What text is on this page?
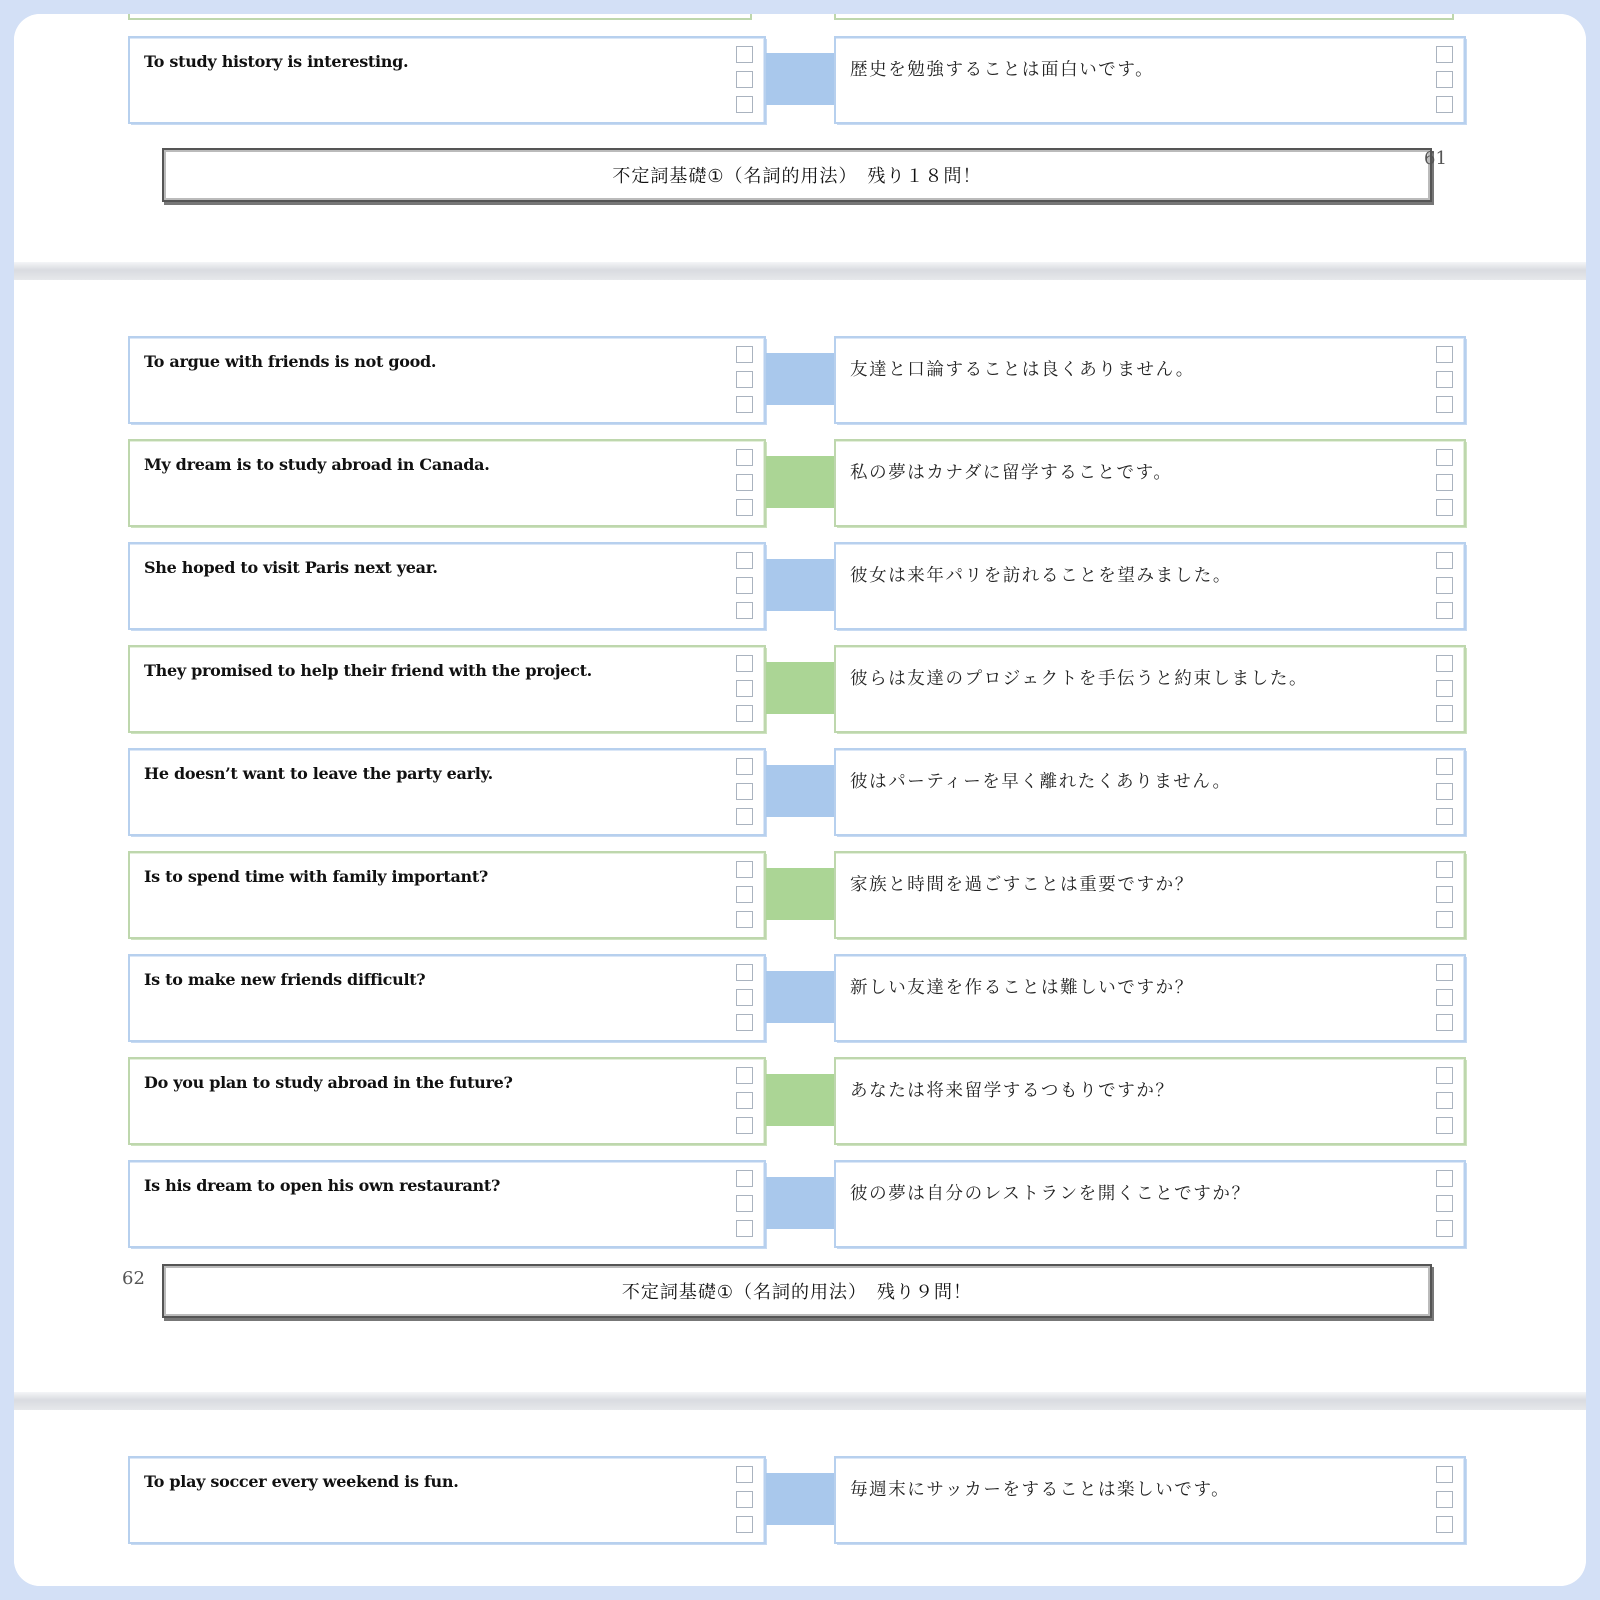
To study history is interesting.	歴史を勉強することは面白いです。
不定詞基礎①（名詞的用法）　残り１８問！
61
To argue with friends is not good.	友達と口論することは良くありません。
My dream is to study abroad in Canada.	私の夢はカナダに留学することです。
She hoped to visit Paris next year.	彼女は来年パリを訪れることを望みました。
They promised to help their friend with the project.	彼らは友達のプロジェクトを手伝うと約束しました。
He doesn’t want to leave the party early.	彼はパーティーを早く離れたくありません。
Is to spend time with family important?	家族と時間を過ごすことは重要ですか？
Is to make new friends difficult?	新しい友達を作ることは難しいですか？
Do you plan to study abroad in the future?	あなたは将来留学するつもりですか？
Is his dream to open his own restaurant?	彼の夢は自分のレストランを開くことですか？
62
不定詞基礎①（名詞的用法）　残り９問！
To play soccer every weekend is fun.	毎週末にサッカーをすることは楽しいです。
